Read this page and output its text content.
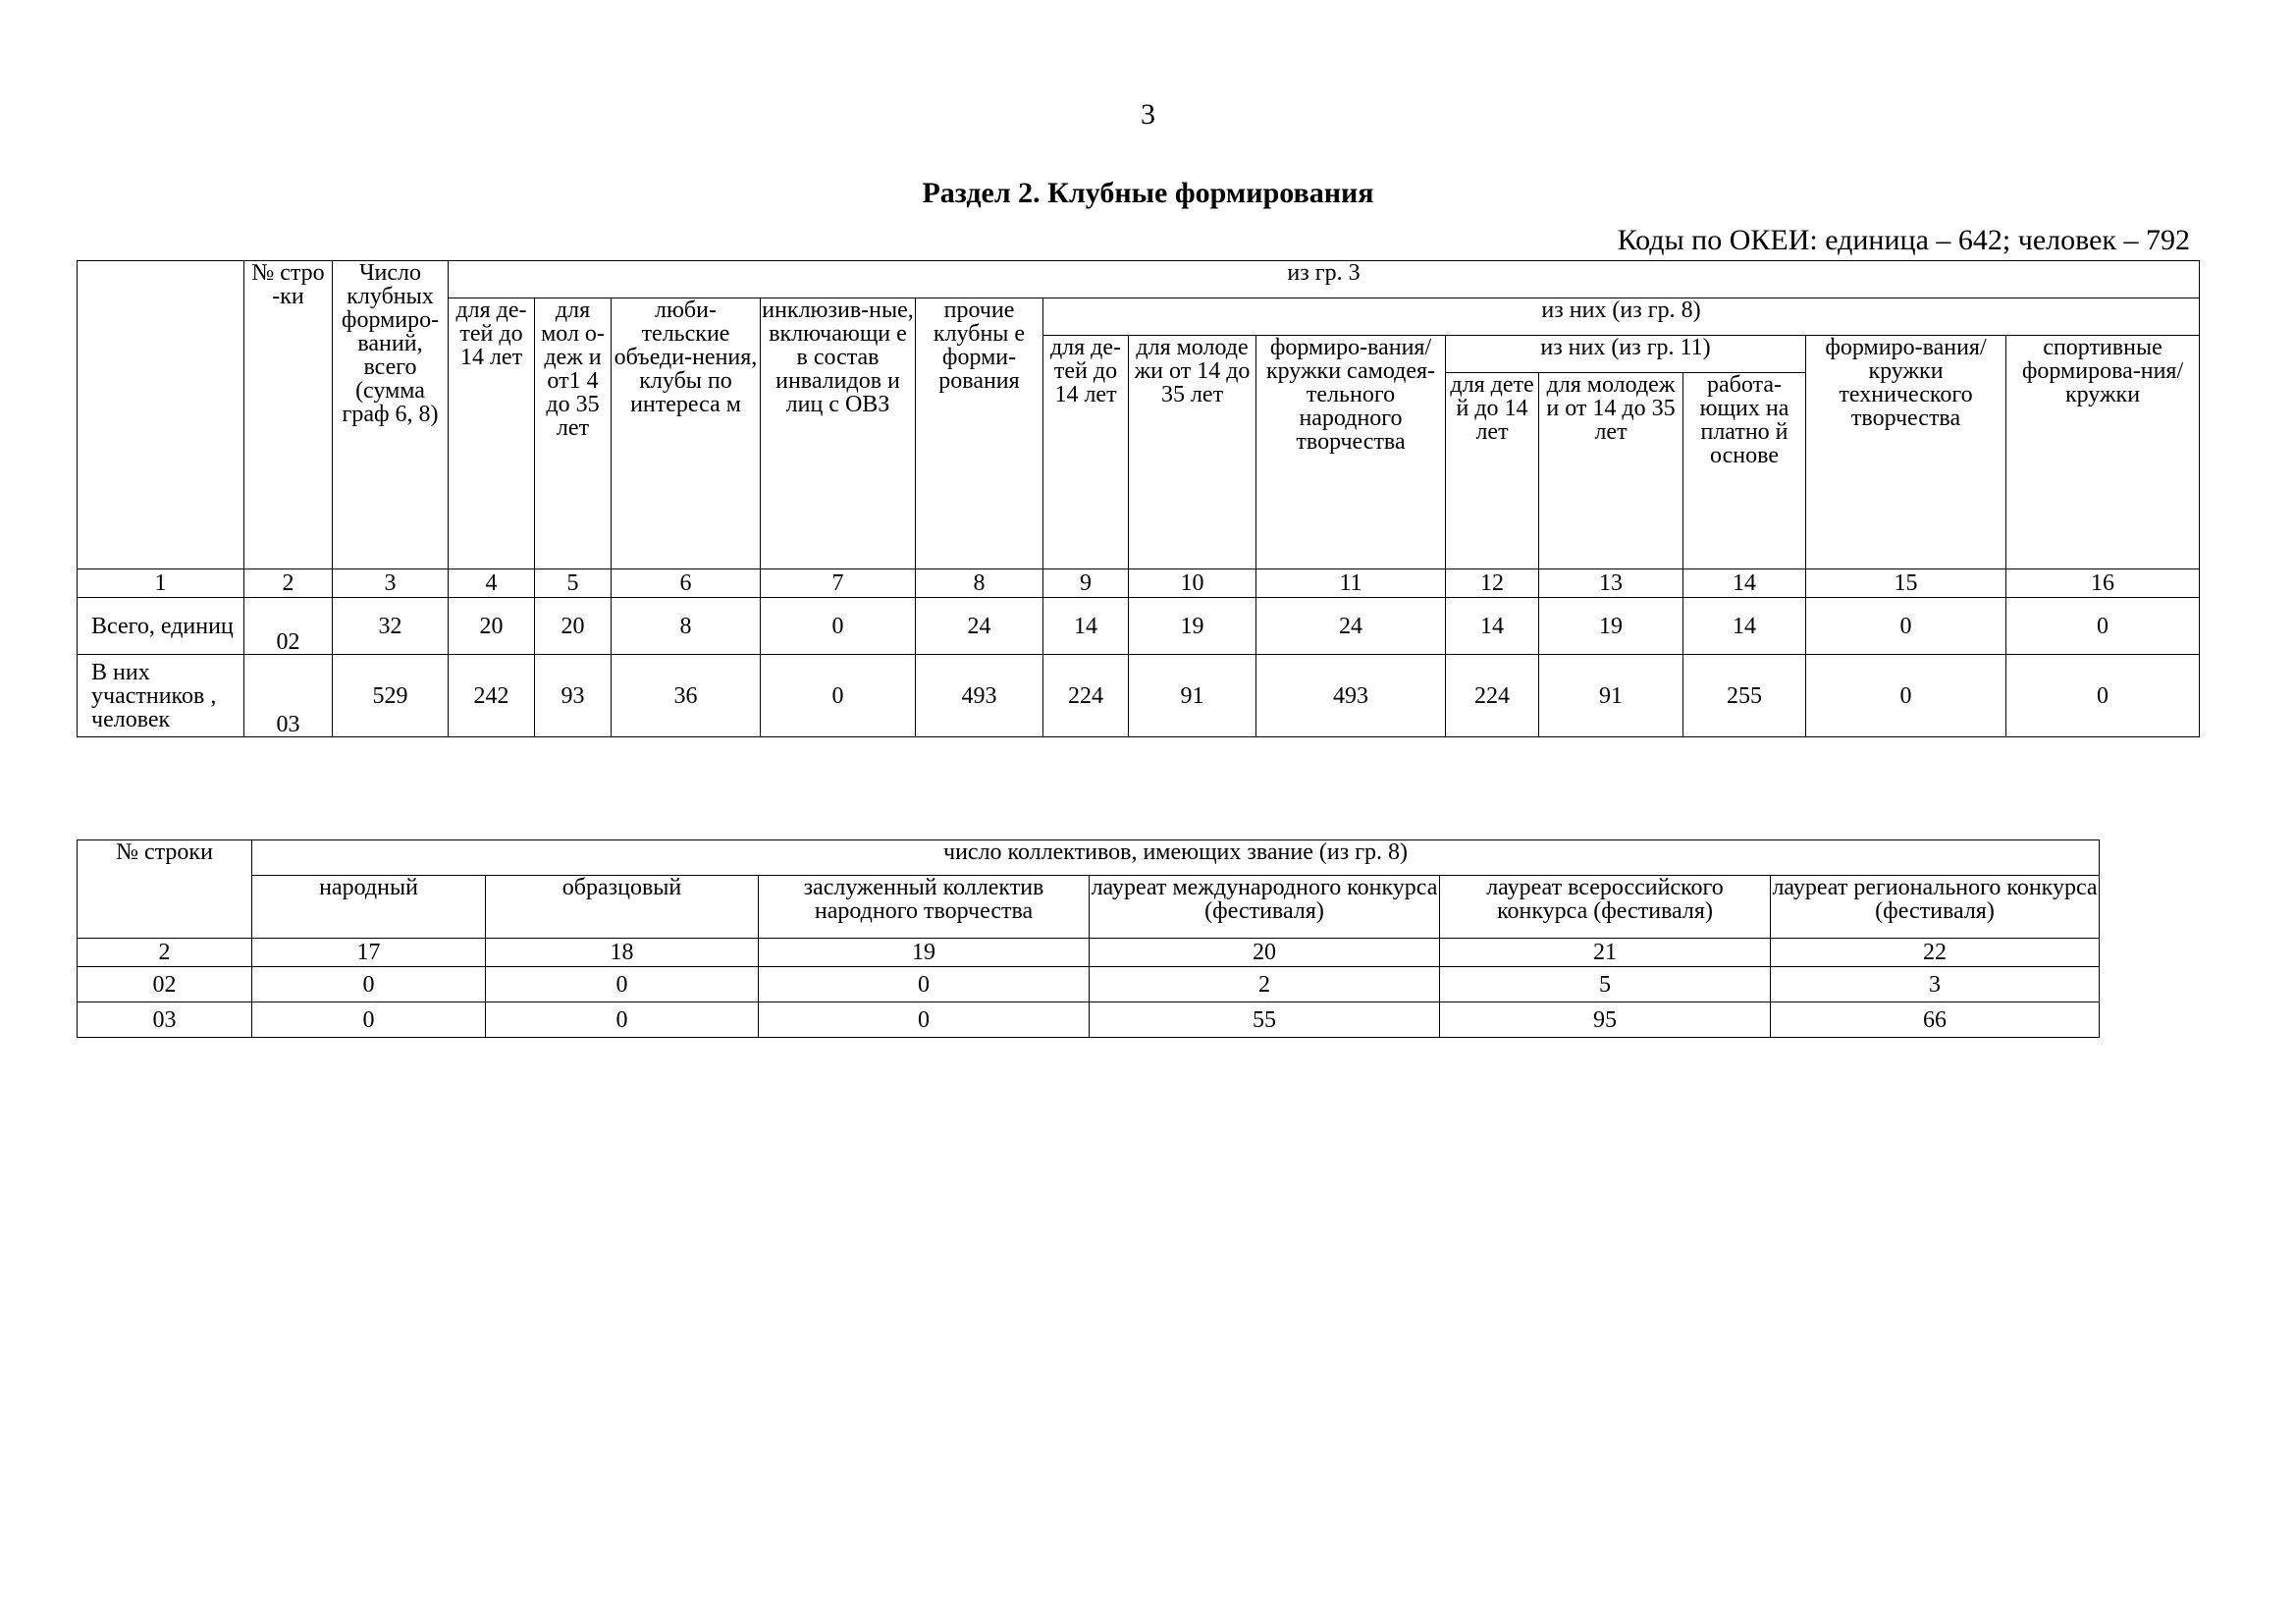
3
Раздел 2. Клубные формирования
Коды по ОКЕИ: единица – 642; человек – 792
	№ стро -ки	Число клубных формиро-ваний, всего (сумма граф 6, 8)	из гр. 3												
			для де-тей до 14 лет	для мол о-деж и от1 4 до 35 лет	люби-тельские объеди-нения, клубы по интереса м	инклюзив-ные, включающи е в состав инвалидов и лиц с ОВЗ	прочие клубны е форми-рования	из них (из гр. 8)							
								для де-тей до 14 лет	для молоде жи от 14 до 35 лет	формиро-вания/ кружки самодея-тельного народного творчества	из них (из гр. 11)			формиро-вания/кружки технического творчества	спортивные формирова-ния/ кружки
											для дете й до 14 лет	для молодеж и от 14 до 35 лет	работа-ющих на платно й основе		
1	2	3	4	5	6	7	8	9	10	11	12	13	14	15	16
Всего, единиц	02	32	20	20	8	0	24	14	19	24	14	19	14	0	0
В них участников , человек	03	529	242	93	36	0	493	224	91	493	224	91	255	0	0
№ строки	число коллективов, имеющих звание (из гр. 8)					
	народный	образцовый	заслуженный коллектив народного творчества	лауреат международного конкурса (фестиваля)	лауреат всероссийского конкурса (фестиваля)	лауреат регионального конкурса (фестиваля)
2	17	18	19	20	21	22
02	0	0	0	2	5	3
03	0	0	0	55	95	66
